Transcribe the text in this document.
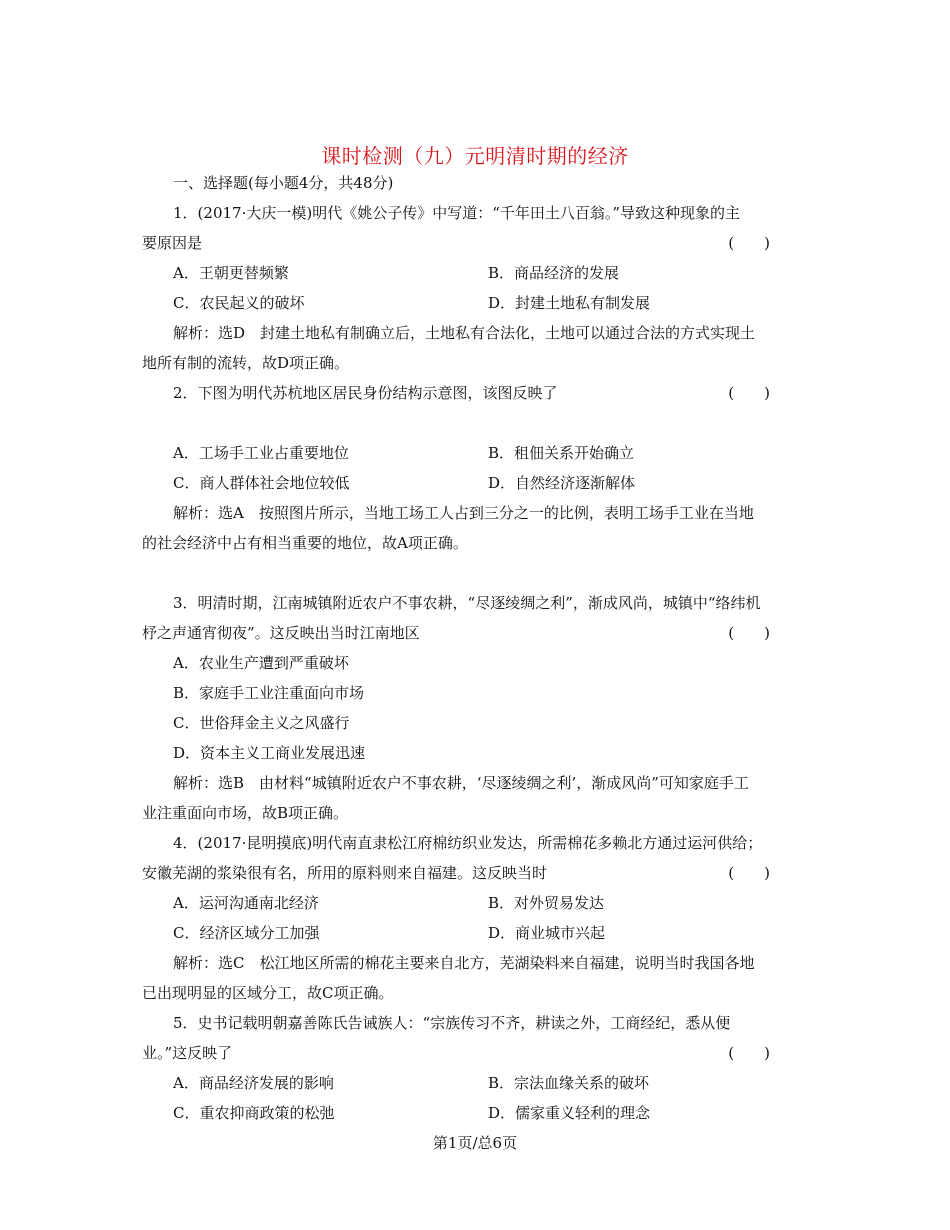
课时检测（九）元明清时期的经济
一、选择题(每小题4分，共48分)
1．(2017·大庆一模)明代《姚公子传》中写道：“千年田土八百翁。”导致这种现象的主
要原因是	(　　)
A．王朝更替频繁	B．商品经济的发展
C．农民起义的破坏	D．封建土地私有制发展
解析：选D　封建土地私有制确立后，土地私有合法化，土地可以通过合法的方式实现土
地所有制的流转，故D项正确。
2．下图为明代苏杭地区居民身份结构示意图，该图反映了	(　　)
A．工场手工业占重要地位	B．租佃关系开始确立
C．商人群体社会地位较低	D．自然经济逐渐解体
解析：选A　按照图片所示，当地工场工人占到三分之一的比例，表明工场手工业在当地
的社会经济中占有相当重要的地位，故A项正确。
3．明清时期，江南城镇附近农户不事农耕，“尽逐绫绸之利”，渐成风尚，城镇中“络纬机
杼之声通宵彻夜”。这反映出当时江南地区	(　　)
A．农业生产遭到严重破坏
B．家庭手工业注重面向市场
C．世俗拜金主义之风盛行
D．资本主义工商业发展迅速
解析：选B　由材料“城镇附近农户不事农耕，‘尽逐绫绸之利’，渐成风尚”可知家庭手工
业注重面向市场，故B项正确。
4．(2017·昆明摸底)明代南直隶松江府棉纺织业发达，所需棉花多赖北方通过运河供给；
安徽芜湖的浆染很有名，所用的原料则来自福建。这反映当时	(　　)
A．运河沟通南北经济	B．对外贸易发达
C．经济区域分工加强	D．商业城市兴起
解析：选C　松江地区所需的棉花主要来自北方，芜湖染料来自福建，说明当时我国各地
已出现明显的区域分工，故C项正确。
5．史书记载明朝嘉善陈氏告诫族人：“宗族传习不齐，耕读之外，工商经纪，悉从便
业。”这反映了	(　　)
A．商品经济发展的影响	B．宗法血缘关系的破坏
C．重农抑商政策的松弛	D．儒家重义轻利的理念
第1页/总6页
